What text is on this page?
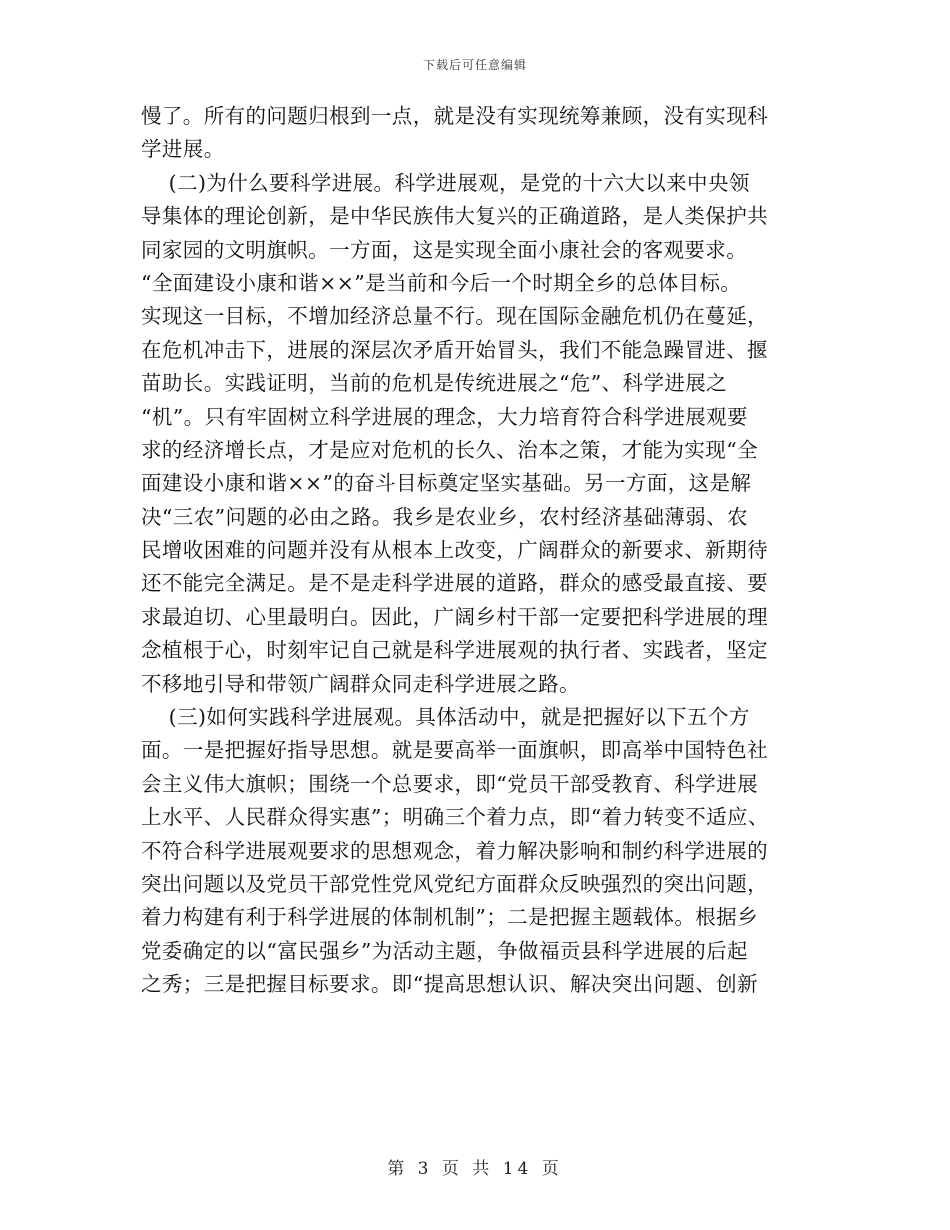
下载后可任意编辑
慢了。所有的问题归根到一点，就是没有实现统筹兼顾，没有实现科
学进展。
(二)为什么要科学进展。科学进展观，是党的十六大以来中央领
导集体的理论创新，是中华民族伟大复兴的正确道路，是人类保护共
同家园的文明旗帜。一方面，这是实现全面小康社会的客观要求。
“全面建设小康和谐××”是当前和今后一个时期全乡的总体目标。
实现这一目标，不增加经济总量不行。现在国际金融危机仍在蔓延，
在危机冲击下，进展的深层次矛盾开始冒头，我们不能急躁冒进、揠
苗助长。实践证明，当前的危机是传统进展之“危”、科学进展之
“机”。只有牢固树立科学进展的理念，大力培育符合科学进展观要
求的经济增长点，才是应对危机的长久、治本之策，才能为实现“全
面建设小康和谐××”的奋斗目标奠定坚实基础。另一方面，这是解
决“三农”问题的必由之路。我乡是农业乡，农村经济基础薄弱、农
民增收困难的问题并没有从根本上改变，广阔群众的新要求、新期待
还不能完全满足。是不是走科学进展的道路，群众的感受最直接、要
求最迫切、心里最明白。因此，广阔乡村干部一定要把科学进展的理
念植根于心，时刻牢记自己就是科学进展观的执行者、实践者，坚定
不移地引导和带领广阔群众同走科学进展之路。
(三)如何实践科学进展观。具体活动中，就是把握好以下五个方
面。一是把握好指导思想。就是要高举一面旗帜，即高举中国特色社
会主义伟大旗帜；围绕一个总要求，即“党员干部受教育、科学进展
上水平、人民群众得实惠”；明确三个着力点，即“着力转变不适应、
不符合科学进展观要求的思想观念，着力解决影响和制约科学进展的
突出问题以及党员干部党性党风党纪方面群众反映强烈的突出问题，
着力构建有利于科学进展的体制机制”；二是把握主题载体。根据乡
党委确定的以“富民强乡”为活动主题，争做福贡县科学进展的后起
之秀；三是把握目标要求。即“提高思想认识、解决突出问题、创新
第 3 页 共 14 页
